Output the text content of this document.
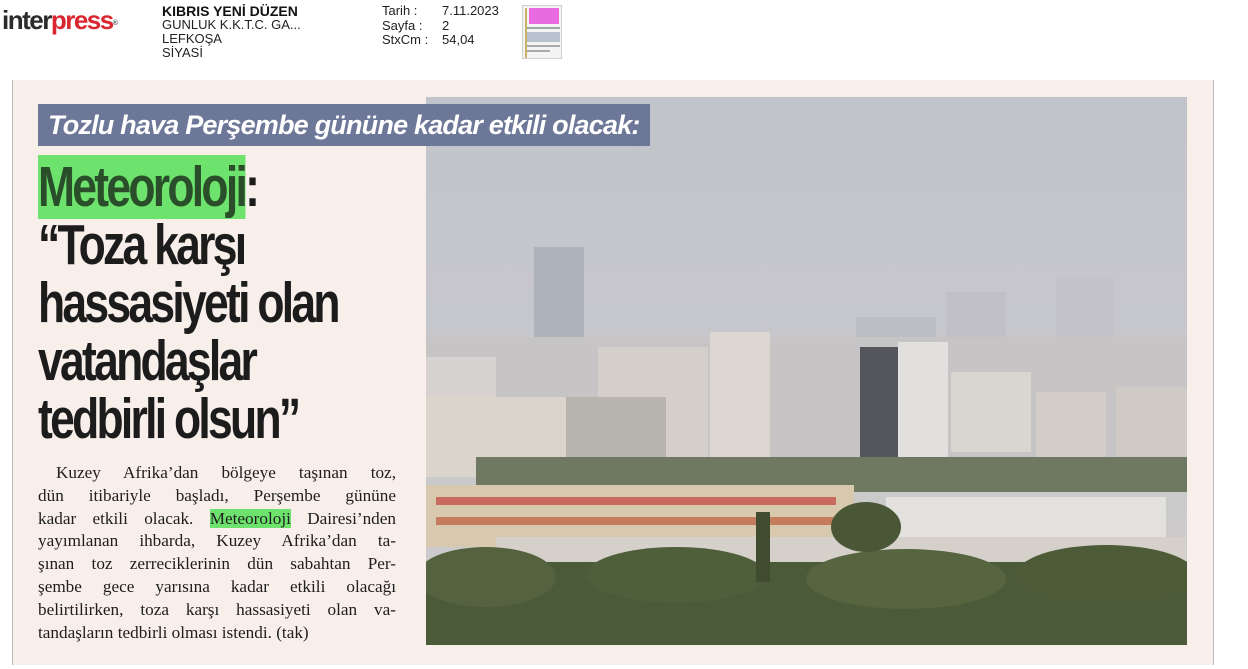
interpress®
KIBRIS YENİ DÜZEN
GUNLUK K.K.T.C. GA...
LEFKOŞA
SİYASİ
Tarih :	7.11.2023
Sayfa :	2
StxCm :	54,04
Tozlu hava Perşembe gününe kadar etkili olacak:
Meteoroloji:
“Toza karşı
hassasiyeti olan
vatandaşlar
tedbirli olsun”
Kuzey Afrika’dan bölgeye taşınan toz,
dün itibariyle başladı, Perşembe gününe
kadar etkili olacak. Meteoroloji Dairesi’nden
yayımlanan ihbarda, Kuzey Afrika’dan ta-
şınan toz zerreciklerinin dün sabahtan Per-
şembe gece yarısına kadar etkili olacağı
belirtilirken, toza karşı hassasiyeti olan va-
tandaşların tedbirli olması istendi. (tak)
